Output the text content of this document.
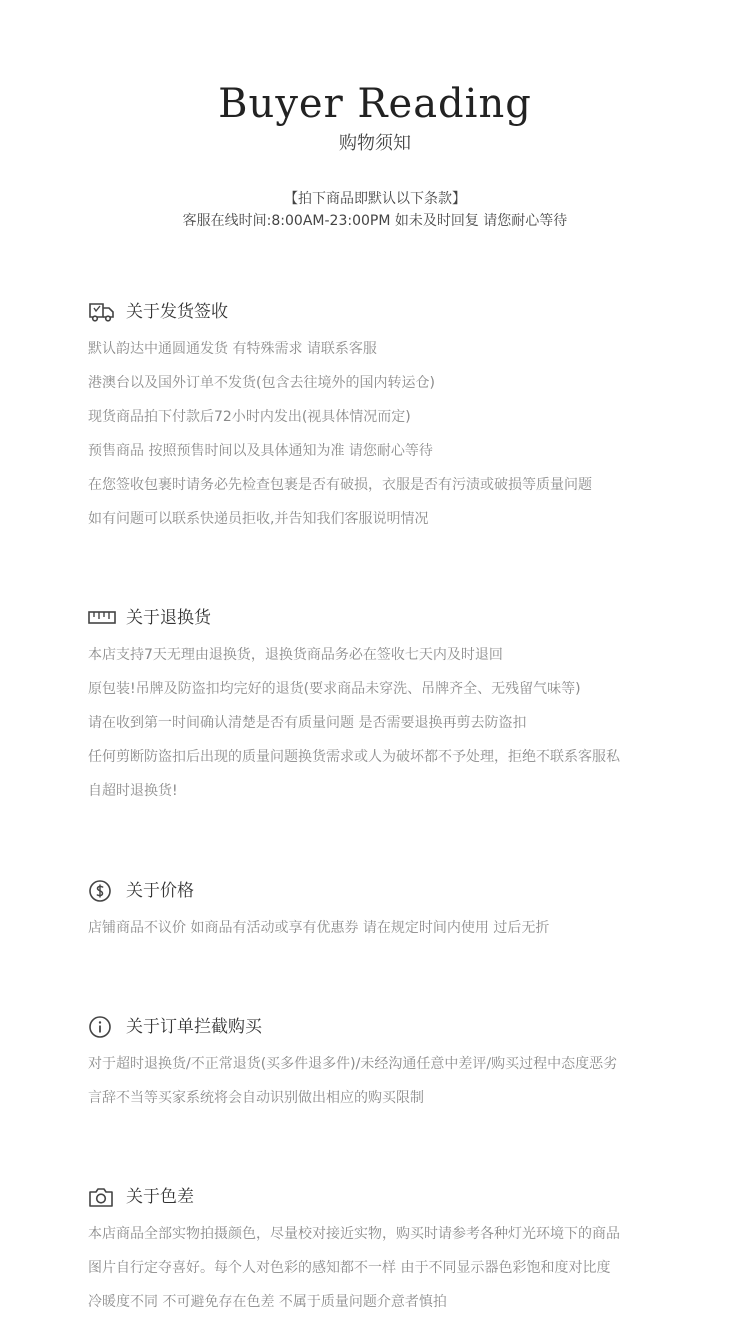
Buyer Reading
购物须知
【拍下商品即默认以下条款】
客服在线时间:8:00AM-23:00PM 如未及时回复 请您耐心等待
关于发货签收
默认韵达中通圆通发货 有特殊需求 请联系客服
港澳台以及国外订单不发货(包含去往境外的国内转运仓)
现货商品拍下付款后72小时内发出(视具体情况而定)
预售商品 按照预售时间以及具体通知为准 请您耐心等待
在您签收包裹时请务必先检查包裹是否有破损，衣服是否有污渍或破损等质量问题
如有问题可以联系快递员拒收,并告知我们客服说明情况
关于退换货
本店支持7天无理由退换货，退换货商品务必在签收七天内及时退回
原包装!吊牌及防盗扣均完好的退货(要求商品未穿洗、吊牌齐全、无残留气味等)
请在收到第一时间确认清楚是否有质量问题 是否需要退换再剪去防盗扣
任何剪断防盗扣后出现的质量问题换货需求或人为破坏都不予处理，拒绝不联系客服私
自超时退换货!
关于价格
店铺商品不议价 如商品有活动或享有优惠券 请在规定时间内使用 过后无折
关于订单拦截购买
对于超时退换货/不正常退货(买多件退多件)/未经沟通任意中差评/购买过程中态度恶劣
言辞不当等买家系统将会自动识别做出相应的购买限制
关于色差
本店商品全部实物拍摄颜色，尽量校对接近实物，购买时请参考各种灯光环境下的商品
图片自行定夺喜好。每个人对色彩的感知都不一样 由于不同显示器色彩饱和度对比度
冷暖度不同 不可避免存在色差 不属于质量问题介意者慎拍
